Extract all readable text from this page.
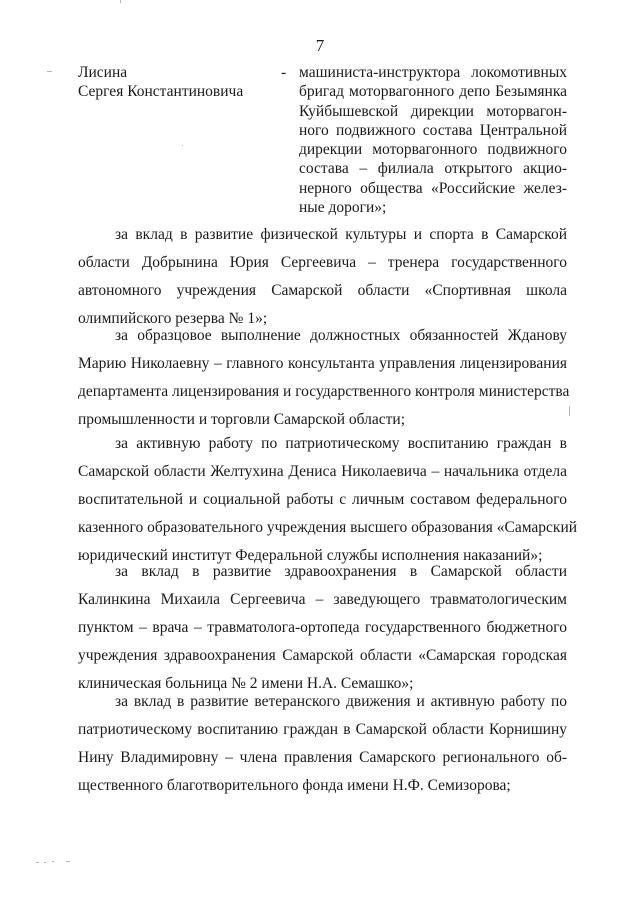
7
Лисина
Сергея Константиновича
- машиниста-инструктора локомотивных
бригад моторвагонного депо Безымянка
Куйбышевской дирекции моторвагон-
ного подвижного состава Центральной
дирекции моторвагонного подвижного
состава – филиала открытого акцио-
нерного общества «Российские желез-
ные дороги»;
за вклад в развитие физической культуры и спорта в Самарской
области Добрынина Юрия Сергеевича – тренера государственного
автономного учреждения Самарской области «Спортивная школа
олимпийского резерва № 1»;
за образцовое выполнение должностных обязанностей Жданову
Марию Николаевну – главного консультанта управления лицензирования
департамента лицензирования и государственного контроля министерства
промышленности и торговли Самарской области;
за активную работу по патриотическому воспитанию граждан в
Самарской области Желтухина Дениса Николаевича – начальника отдела
воспитательной и социальной работы с личным составом федерального
казенного образовательного учреждения высшего образования «Самарский
юридический институт Федеральной службы исполнения наказаний»;
за вклад в развитие здравоохранения в Самарской области
Калинкина Михаила Сергеевича – заведующего травматологическим
пунктом – врача – травматолога-ортопеда государственного бюджетного
учреждения здравоохранения Самарской области «Самарская городская
клиническая больница № 2 имени Н.А. Семашко»;
за вклад в развитие ветеранского движения и активную работу по
патриотическому воспитанию граждан в Самарской области Корнишину
Нину Владимировну – члена правления Самарского регионального об-
щественного благотворительного фонда имени Н.Ф. Семизорова;
